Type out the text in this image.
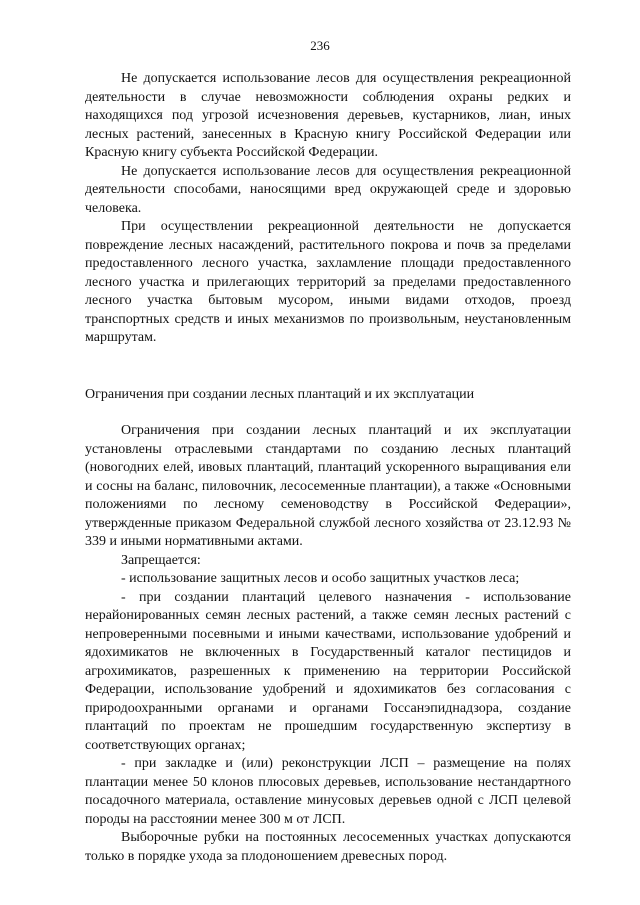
236

Не допускается использование лесов для осуществления рекреационной деятельности в случае невозможности соблюдения охраны редких и находящихся под угрозой исчезновения деревьев, кустарников, лиан, иных лесных растений, занесенных в Красную книгу Российской Федерации или Красную книгу субъекта Российской Федерации.

Не допускается использование лесов для осуществления рекреационной деятельности способами, наносящими вред окружающей среде и здоровью человека.

При осуществлении рекреационной деятельности не допускается повреждение лесных насаждений, растительного покрова и почв за пределами предоставленного лесного участка, захламление площади предоставленного лесного участка и прилегающих территорий за пределами предоставленного лесного участка бытовым мусором, иными видами отходов, проезд транспортных средств и иных механизмов по произвольным, неустановленным маршрутам.

Ограничения при создании лесных плантаций и их эксплуатации

Ограничения при создании лесных плантаций и их эксплуатации установлены отраслевыми стандартами по созданию лесных плантаций (новогодних елей, ивовых плантаций, плантаций ускоренного выращивания ели и сосны на баланс, пиловочник, лесосеменные плантации), а также «Основными положениями по лесному семеноводству в Российской Федерации», утвержденные приказом Федеральной службой лесного хозяйства от 23.12.93 № 339 и иными нормативными актами.

Запрещается:

- использование защитных лесов и особо защитных участков леса;

- при создании плантаций целевого назначения - использование нерайонированных семян лесных растений, а также семян лесных растений с непроверенными посевными и иными качествами, использование удобрений и ядохимикатов не включенных в Государственный каталог пестицидов и агрохимикатов, разрешенных к применению на территории Российской Федерации, использование удобрений и ядохимикатов без согласования с природоохранными органами и органами Госсанэпиднадзора, создание плантаций по проектам не прошедшим государственную экспертизу в соответствующих органах;

- при закладке и (или) реконструкции ЛСП – размещение на полях плантации менее 50 клонов плюсовых деревьев, использование нестандартного посадочного материала, оставление минусовых деревьев одной с ЛСП целевой породы на расстоянии менее 300 м от ЛСП.

Выборочные рубки на постоянных лесосеменных участках допускаются только в порядке ухода за плодоношением древесных пород.
